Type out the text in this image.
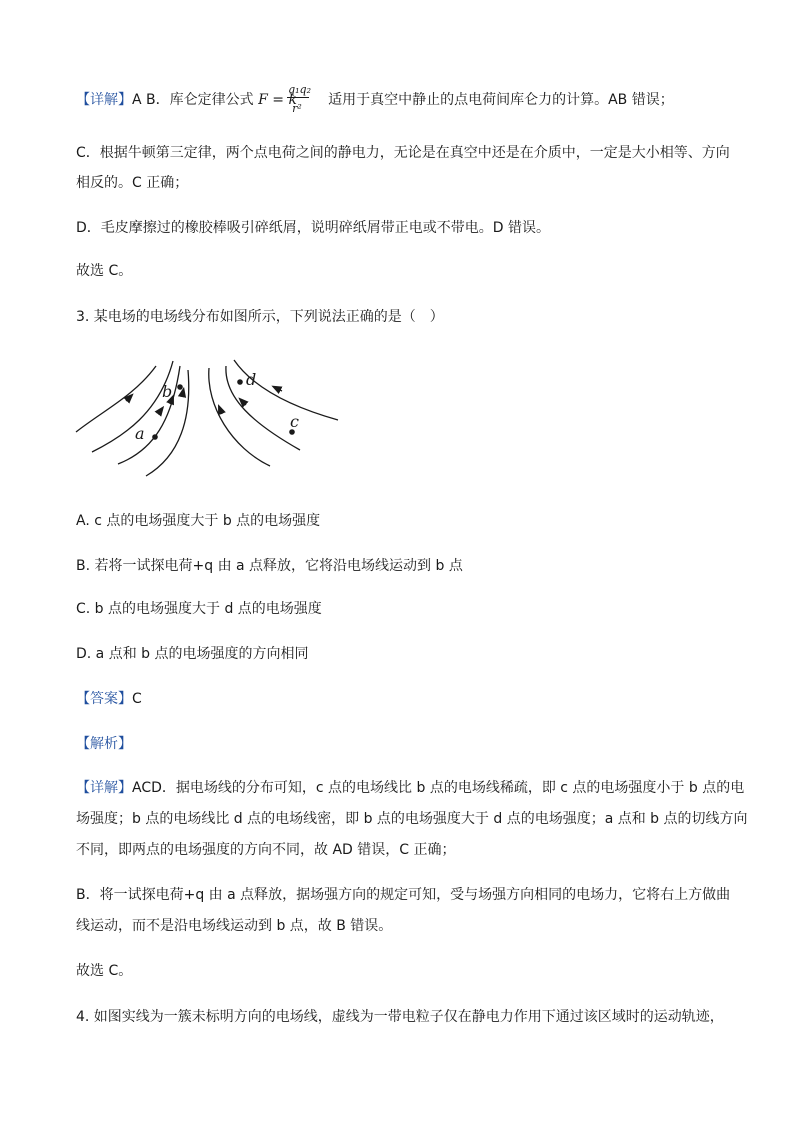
【详解】A B．库仑定律公式 F = k
q₁q₂
r²
适用于真空中静止的点电荷间库仑力的计算。AB 错误；
C．根据牛顿第三定律，两个点电荷之间的静电力，无论是在真空中还是在介质中，一定是大小相等、方向
相反的。C 正确；
D．毛皮摩擦过的橡胶棒吸引碎纸屑，说明碎纸屑带正电或不带电。D 错误。
故选 C。
3. 某电场的电场线分布如图所示，下列说法正确的是（　）
a
b
c
d
A. c 点的电场强度大于 b 点的电场强度
B. 若将一试探电荷+q 由 a 点释放，它将沿电场线运动到 b 点
C. b 点的电场强度大于 d 点的电场强度
D. a 点和 b 点的电场强度的方向相同
【答案】C
【解析】
【详解】ACD．据电场线的分布可知，c 点的电场线比 b 点的电场线稀疏，即 c 点的电场强度小于 b 点的电
场强度；b 点的电场线比 d 点的电场线密，即 b 点的电场强度大于 d 点的电场强度；a 点和 b 点的切线方向
不同，即两点的电场强度的方向不同，故 AD 错误，C 正确；
B．将一试探电荷+q 由 a 点释放，据场强方向的规定可知，受与场强方向相同的电场力，它将右上方做曲
线运动，而不是沿电场线运动到 b 点，故 B 错误。
故选 C。
4. 如图实线为一簇未标明方向的电场线，虚线为一带电粒子仅在静电力作用下通过该区域时的运动轨迹，
